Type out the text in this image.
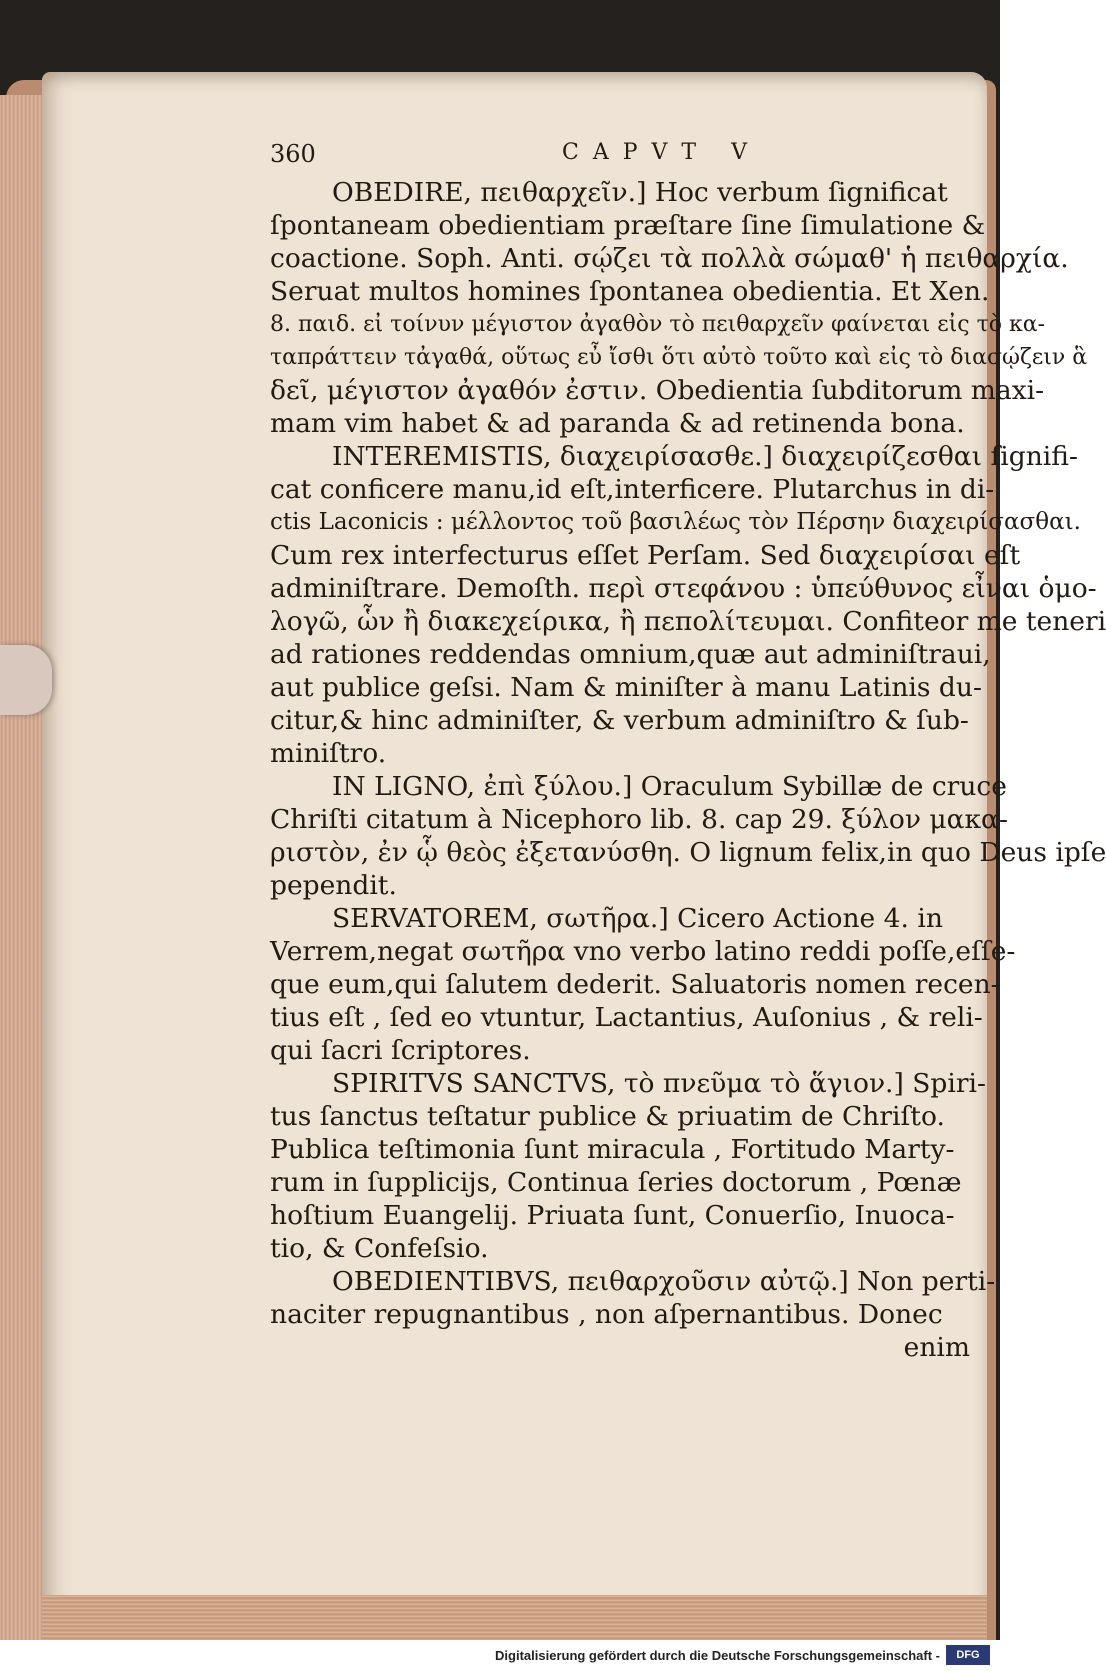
360	CAPVT V
OBEDIRE, πειθαρχεῖν.] Hoc verbum ſignificat
ſpontaneam obedientiam præſtare ſine ſimulatione &
coactione. Soph. Anti. σῴζει τὰ πολλὰ σώμαθ' ἡ πειθαρχία.
Seruat multos homines ſpontanea obedientia. Et Xen.
8. παιδ. εἰ τοίνυν μέγιστον ἀγαθὸν τὸ πειθαρχεῖν φαίνεται εἰς τὸ κα-
ταπράττειν τἀγαθά, οὕτως εὖ ἴσθι ὅτι αὐτὸ τοῦτο καὶ εἰς τὸ διασῴζειν ἃ
δεῖ, μέγιστον ἀγαθόν ἐστιν. Obedientia ſubditorum maxi-
mam vim habet & ad paranda & ad retinenda bona.
INTEREMISTIS, διαχειρίσασθε.] διαχειρίζεσθαι ſignifi-
cat conficere manu,id eſt,interficere. Plutarchus in di-
ctis Laconicis : μέλλοντος τοῦ βασιλέως τὸν Πέρσην διαχειρίσασθαι.
Cum rex interfecturus eſſet Perſam. Sed διαχειρίσαι eſt
adminiſtrare. Demoſth. περὶ στεφάνου : ὑπεύθυνος εἶναι ὁμο-
λογῶ, ὧν ἢ διακεχείρικα, ἢ πεπολίτευμαι. Confiteor me teneri
ad rationes reddendas omnium,quæ aut adminiſtraui,
aut publice geſsi. Nam & miniſter à manu Latinis du-
citur,& hinc adminiſter, & verbum adminiſtro & ſub-
miniſtro.
IN LIGNO, ἐπὶ ξύλου.] Oraculum Sybillæ de cruce
Chriſti citatum à Nicephoro lib. 8. cap 29. ξύλον μακα-
ριστὸν, ἐν ᾧ θεὸς ἐξετανύσθη. O lignum felix,in quo Deus ipſe
pependit.
SERVATOREM, σωτῆρα.] Cicero Actione 4. in
Verrem,negat σωτῆρα vno verbo latino reddi poſſe,eſſe-
que eum,qui ſalutem dederit. Saluatoris nomen recen-
tius eſt , ſed eo vtuntur, Lactantius, Auſonius , & reli-
qui ſacri ſcriptores.
SPIRITVS SANCTVS, τὸ πνεῦμα τὸ ἅγιον.] Spiri-
tus ſanctus teſtatur publice & priuatim de Chriſto.
Publica teſtimonia ſunt miracula , Fortitudo Marty-
rum in ſupplicijs, Continua ſeries doctorum , Pœnæ
hoſtium Euangelij. Priuata ſunt, Conuerſio, Inuoca-
tio, & Confeſsio.
OBEDIENTIBVS, πειθαρχοῦσιν αὐτῷ.] Non perti-
naciter repugnantibus , non aſpernantibus. Donec
enim
Digitalisierung gefördert durch die Deutsche Forschungsgemeinschaft -	DFG
